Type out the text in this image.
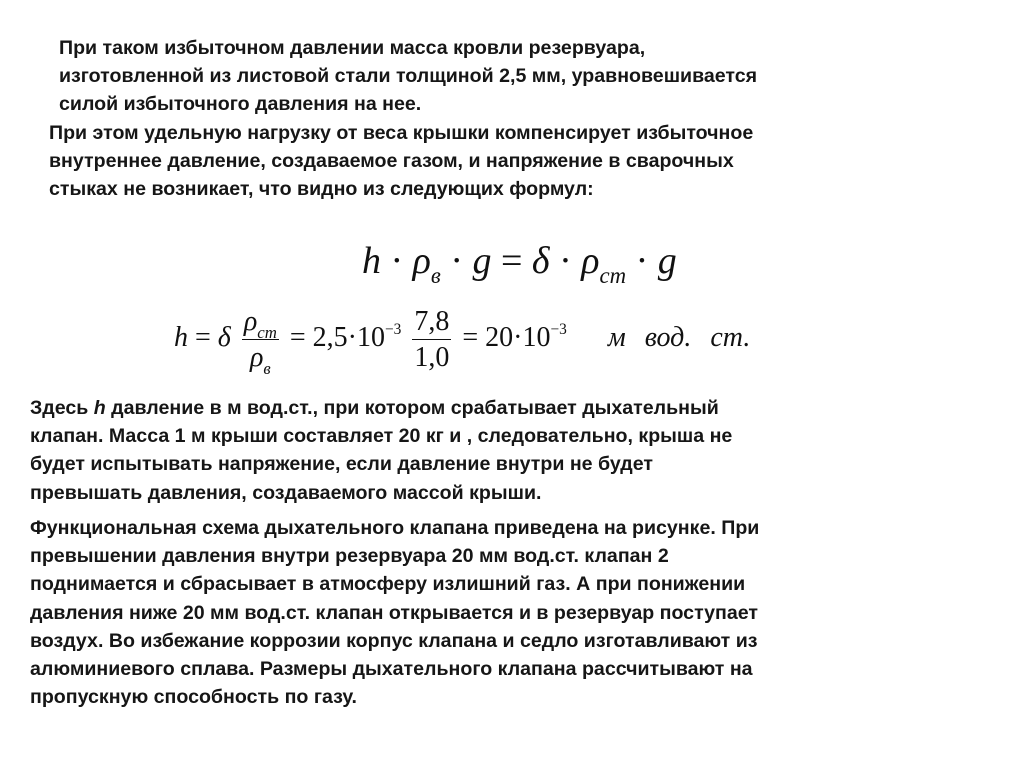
При таком избыточном давлении масса кровли резервуара,
изготовленной из листовой стали толщиной 2,5 мм, уравновешивается
силой избыточного давления на нее.

При этом удельную нагрузку от веса крышки компенсирует избыточное
внутреннее давление, создаваемое газом, и напряжение в сварочных
стыках не возникает, что видно из следующих формул:

$h \cdot \rho_в \cdot g = \delta \cdot \rho_{ст} \cdot g$
h = δ $\frac{\rho_{ст}}{\rho_в} = 2,5\cdot 10^{-3} \frac{7,8}{1,0} = 20\cdot 10^{-3}$ м вод. ст.

Здесь h давление в м вод.ст., при котором срабатывает дыхательный
клапан. Масса 1 м крыши составляет 20 кг и , следовательно, крыша не
будет испытывать напряжение, если давление внутри не будет
превышать давления, создаваемого массой крыши.

Функциональная схема дыхательного клапана приведена на рисунке. При
превышении давления внутри резервуара 20 мм вод.ст. клапан 2
поднимается и сбрасывает в атмосферу излишний газ. А при понижении
давления ниже 20 мм вод.ст. клапан открывается и в резервуар поступает
воздух. Во избежание коррозии корпус клапана и седло изготавливают из
алюминиевого сплава. Размеры дыхательного клапана рассчитывают на
пропускную способность по газу.
